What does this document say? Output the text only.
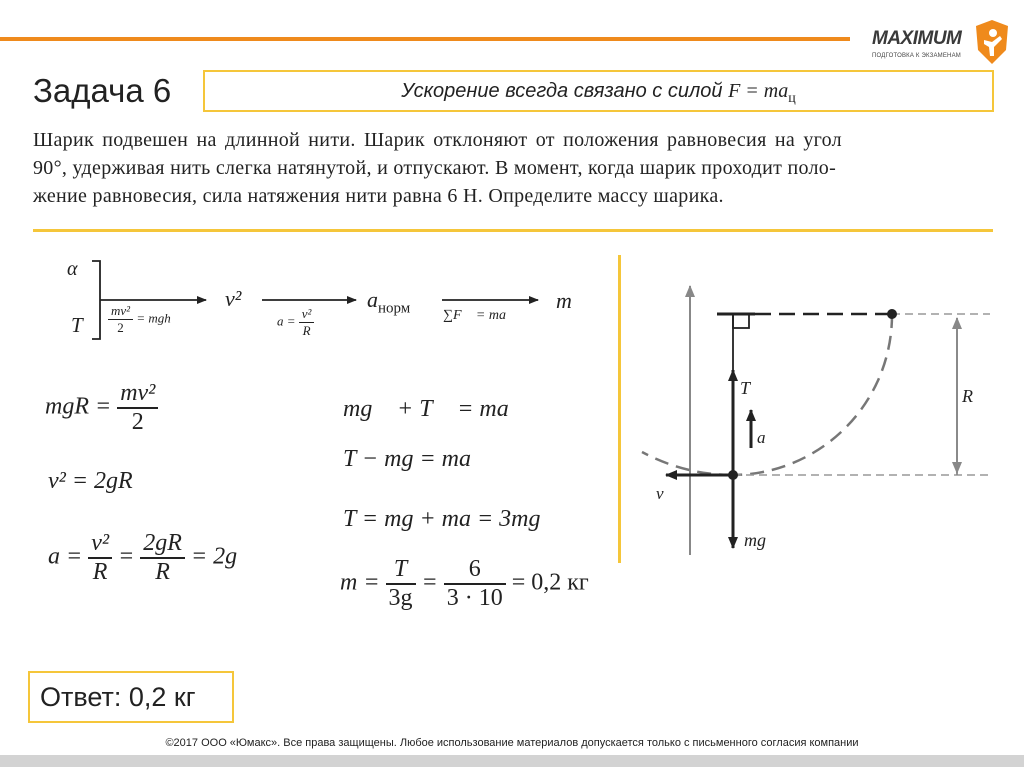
MAXIMUM
ПОДГОТОВКА К ЭКЗАМЕНАМ
Задача 6	Ускорение всегда связано с силой $F = ma_ц$
Шарик подвешен на длинной нити. Шарик отклоняют от положения равновесия на угол
90°, удерживая нить слегка натянутой, и отпускают. В момент, когда шарик проходит поло-
жение равновесия, сила натяжения нити равна 6 Н. Определите массу шарика.
α
T
v²	$a_{норм}$	m
$\frac{\text{mv²}}{2}$ = mgh	$a = \frac{\text{v²}}{R}$	∑F⃗ = ma⃗
mgR = $\frac{\text{mv²}}{2}$
v² = 2gR
$a = \frac{\text{v²}}{R} = \frac{2gR}{R} = 2g$
mg⃗ + T⃗ = ma⃗
T − mg = ma
T = mg + ma = 3mg
$m = \frac{T}{3g} = \frac{6}{3 \cdot 10} = 0,2$ кг
T⃗
a⃗
v⃗
mg⃗
R
Ответ: 0,2 кг
©2017 ООО «Юмакс». Все права защищены. Любое использование материалов допускается только с письменного согласия компании
